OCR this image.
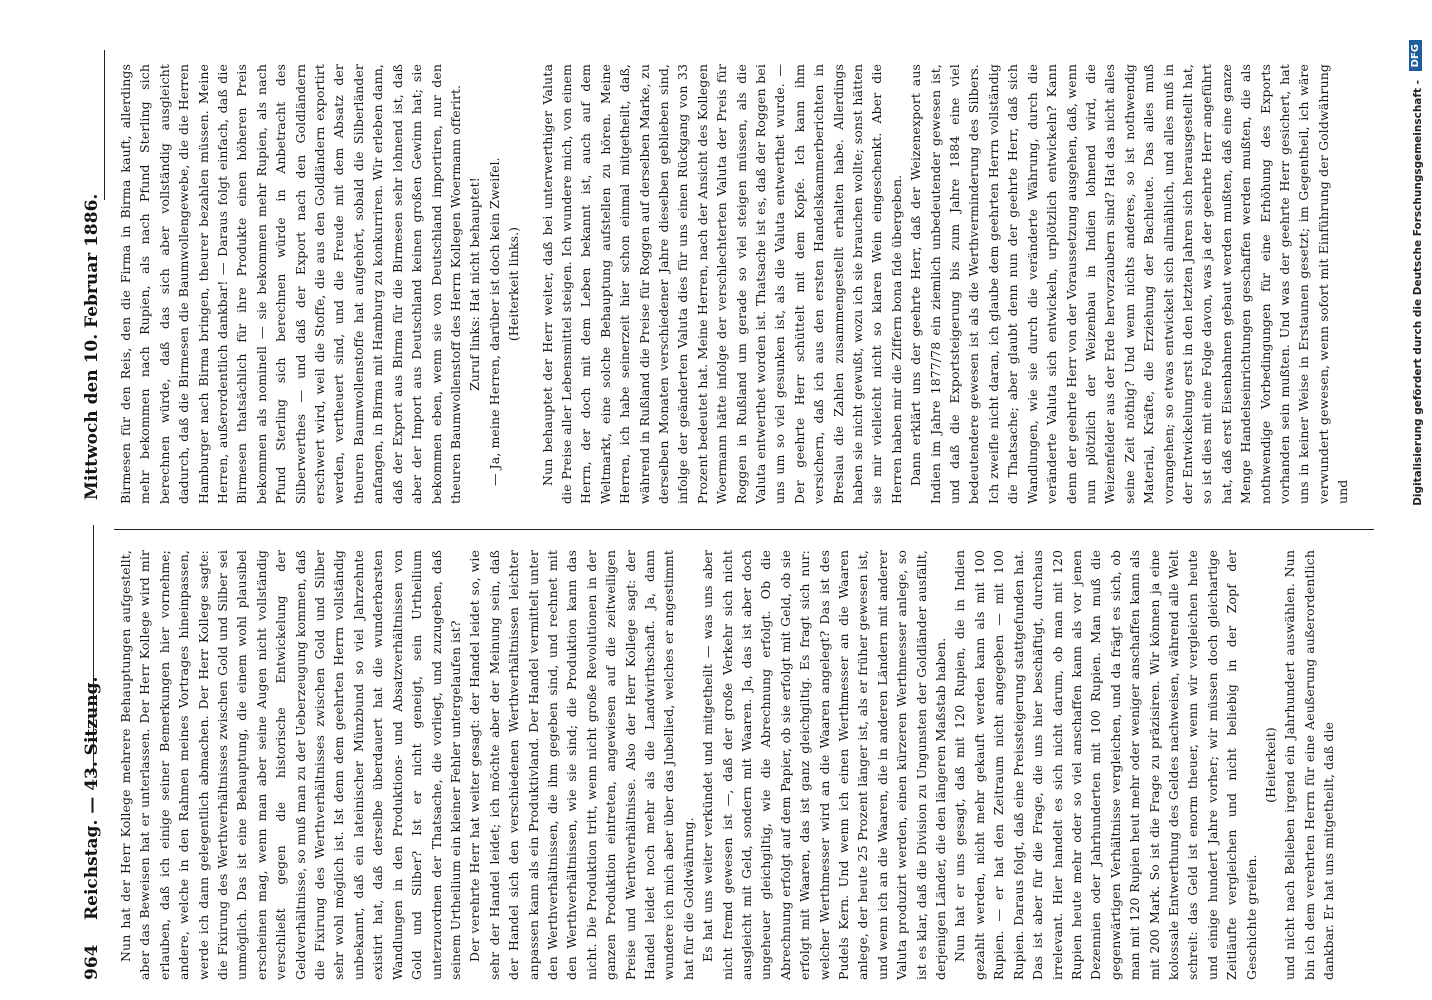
964
Reichstag. — 43. Sitzung.
Mittwoch den 10. Februar 1886.

Nun hat der Herr Kollege mehrere Behauptungen aufgestellt, aber das Beweisen hat er unterlassen. Der Herr Kollege wird mir erlauben, daß ich einige seiner Bemerkungen hier vornehme; andere, welche in den Rahmen meines Vortrages hineinpassen, werde ich dann gelegentlich abmachen. Der Herr Kollege sagte: die Fixirung des Werthverhältnisses zwischen Gold und Silber sei unmöglich. Das ist eine Behauptung, die einem wohl plausibel erscheinen mag, wenn man aber seine Augen nicht vollständig verschließt gegen die historische Entwickelung der Geldverhältnisse, so muß man zu der Ueberzeugung kommen, daß die Fixirung des Werthverhältnisses zwischen Gold und Silber sehr wohl möglich ist. Ist denn dem geehrten Herrn vollständig unbekannt, daß ein lateinischer Münzbund so viel Jahrzehnte existirt hat, daß derselbe überdauert hat die wunderbarsten Wandlungen in den Produktions- und Absatzverhältnissen von Gold und Silber? Ist er nicht geneigt, sein Urtheilium unterzuordnen der Thatsache, die vorliegt, und zuzugeben, daß seinem Urtheilium ein kleiner Fehler untergelaufen ist? Der verehrte Herr hat weiter gesagt: der Handel leidet so, wie sehr der Handel leidet; ich möchte aber der Meinung sein, daß der Handel sich den verschiedenen Werthverhältnissen leichter anpassen kann als ein Produktivland. Der Handel vermittelt unter den Werthverhältnissen, die ihm gegeben sind, und rechnet mit den Werthverhältnissen, wie sie sind; die Produktion kann das nicht. Die Produktion tritt, wenn nicht große Revolutionen in der ganzen Produktion eintreten, angewiesen auf die zeitweiligen Preise und Werthverhältnisse. Also der Herr Kollege sagt: der Handel leidet noch mehr als die Landwirthschaft. Ja, dann wundere ich mich aber über das Jubellied, welches er angestimmt hat für die Goldwährung. Es hat uns weiter verkündet und mitgetheilt — was uns aber nicht fremd gewesen ist —, daß der große Verkehr sich nicht ausgleicht mit Geld, sondern mit Waaren. Ja, das ist aber doch ungeheuer gleichgiltig, wie die Abrechnung erfolgt. Ob die Abrechnung erfolgt auf dem Papier, ob sie erfolgt mit Geld, ob sie erfolgt mit Waaren, das ist ganz gleichgiltig. Es fragt sich nur: welcher Werthmesser wird an die Waaren angelegt? Das ist des Pudels Kern. Und wenn ich einen Werthmesser an die Waaren anlege, der heute 25 Prozent länger ist, als er früher gewesen ist, und wenn ich an die Waaren, die in anderen Ländern mit anderer Valuta produzirt werden, einen kürzeren Werthmesser anlege, so ist es klar, daß die Division zu Ungunsten der Goldländer ausfällt, derjenigen Länder, die den längeren Maßstab haben. Nun hat er uns gesagt, daß mit 120 Rupien, die in Indien gezahlt werden, nicht mehr gekauft werden kann als mit 100 Rupien. — er hat den Zeitraum nicht angegeben — mit 100 Rupien. Daraus folgt, daß eine Preissteigerung stattgefunden hat. Das ist aber für die Frage, die uns hier beschäftigt, durchaus irrelevant. Hier handelt es sich nicht darum, ob man mit 120 Rupien heute mehr oder so viel anschaffen kann als vor jenen Dezennien oder Jahrhunderten mit 100 Rupien. Man muß die gegenwärtigen Verhältnisse vergleichen, und da frägt es sich, ob man mit 120 Rupien heut mehr oder weniger anschaffen kann als mit 200 Mark. So ist die Frage zu präzisiren. Wir können ja eine kolossale Entwerthung des Geldes nachweisen, während alle Welt schreit: das Geld ist enorm theuer, wenn wir vergleichen heute und einige hundert Jahre vorher; wir müssen doch gleichartige Zeitläufte vergleichen und nicht beliebig in der Zopf der Geschichte greifen.

(Heiterkeit) und nicht nach Belieben irgend ein Jahrhundert auswählen. Nun bin ich dem verehrten Herrn für eine Aeußerung außerordentlich dankbar. Er hat uns mitgetheilt, daß die

Birmesen für den Reis, den die Firma in Birma kauft, allerdings mehr bekommen nach Rupien, als nach Pfund Sterling sich berechnen würde, daß das sich aber vollständig ausgleicht dadurch, daß die Birmesen die Baumwollengewebe, die die Herren Hamburger nach Birma bringen, theurer bezahlen müssen. Meine Herren, außerordentlich dankbar! — Daraus folgt einfach, daß die Birmesen thatsächlich für ihre Produkte einen höheren Preis bekommen als nominell — sie bekommen mehr Rupien, als nach Pfund Sterling sich berechnen würde in Anbetracht des Silberwerthes — und daß der Export nach den Goldländern erschwert wird, weil die Stoffe, die aus den Goldländern exportirt werden, vertheuert sind, und die Freude mit dem Absatz der theuren Baumwollenstoffe hat aufgehört, sobald die Silberländer anfangen, in Birma mit Hamburg zu konkurriren. Wir erleben dann, daß der Export aus Birma für die Birmesen sehr lohnend ist, daß aber der Import aus Deutschland keinen großen Gewinn hat; sie bekommen eben, wenn sie von Deutschland importiren, nur den theuren Baumwollenstoff des Herrn Kollegen Woermann offerirt. Zuruf links: Hat nicht behauptet! — Ja, meine Herren, darüber ist doch kein Zweifel. (Heiterkeit links.) Nun behauptet der Herr weiter, daß bei unterwerthiger Valuta die Preise aller Lebensmittel steigen. Ich wundere mich, von einem Herrn, der doch mit dem Leben bekannt ist, auch auf dem Weltmarkt, eine solche Behauptung aufstellen zu hören. Meine Herren, ich habe seinerzeit hier schon einmal mitgetheilt, daß, während in Rußland die Preise für Roggen auf derselben Marke, zu derselben Monaten verschiedener Jahre dieselben geblieben sind, infolge der geänderten Valuta dies für uns einen Rückgang von 33 Prozent bedeutet hat. Meine Herren, nach der Ansicht des Kollegen Woermann hätte infolge der verschlechterten Valuta der Preis für Roggen in Rußland um gerade so viel steigen müssen, als die Valuta entwerthet worden ist. Thatsache ist es, daß der Roggen bei uns um so viel gesunken ist, als die Valuta entwerthet wurde. — Der geehrte Herr schüttelt mit dem Kopfe. Ich kann ihm versichern, daß ich aus den ersten Handelskammerberichten in Breslau die Zahlen zusammengestellt erhalten habe. Allerdings haben sie nicht gewußt, wozu ich sie brauchen wollte; sonst hätten sie mir vielleicht nicht so klaren Wein eingeschenkt. Aber die Herren haben mir die Ziffern bona fide übergeben. Dann erklärt uns der geehrte Herr, daß der Weizenexport aus Indien im Jahre 1877/78 ein ziemlich unbedeutender gewesen ist, und daß die Exportsteigerung bis zum Jahre 1884 eine viel bedeutendere gewesen ist als die Werthverminderung des Silbers. Ich zweifle nicht daran, ich glaube dem geehrten Herrn vollständig die Thatsache; aber glaubt denn nun der geehrte Herr, daß sich Wandlungen, wie sie durch die veränderte Währung, durch die veränderte Valuta sich entwickeln, urplötzlich entwickeln? Kann denn der geehrte Herr von der Voraussetzung ausgehen, daß, wenn nun plötzlich der Weizenbau in Indien lohnend wird, die Weizenfelder aus der Erde hervorzaubern sind? Hat das nicht alles seine Zeit nöthig? Und wenn nichts anderes, so ist nothwendig Material, Kräfte, die Erziehung der Bachleute. Das alles muß vorangehen; so etwas entwickelt sich allmählich, und alles muß in der Entwickelung erst in den letzten Jahren sich herausgestellt hat, so ist dies mit eine Folge davon, was ja der geehrte Herr angeführt hat, daß erst Eisenbahnen gebaut werden mußten, daß eine ganze Menge Handelseinrichtungen geschaffen werden mußten, die als nothwendige Vorbedingungen für eine Erhöhung des Exports vorhanden sein mußten. Und was der geehrte Herr gesichert, hat uns in keiner Weise in Erstaunen gesetzt; im Gegentheil, ich wäre verwundert gewesen, wenn sofort mit Einführung der Goldwährung und	Digitalisierung gefördert durch die Deutsche Forschungsgemeinschaft -
DFG
